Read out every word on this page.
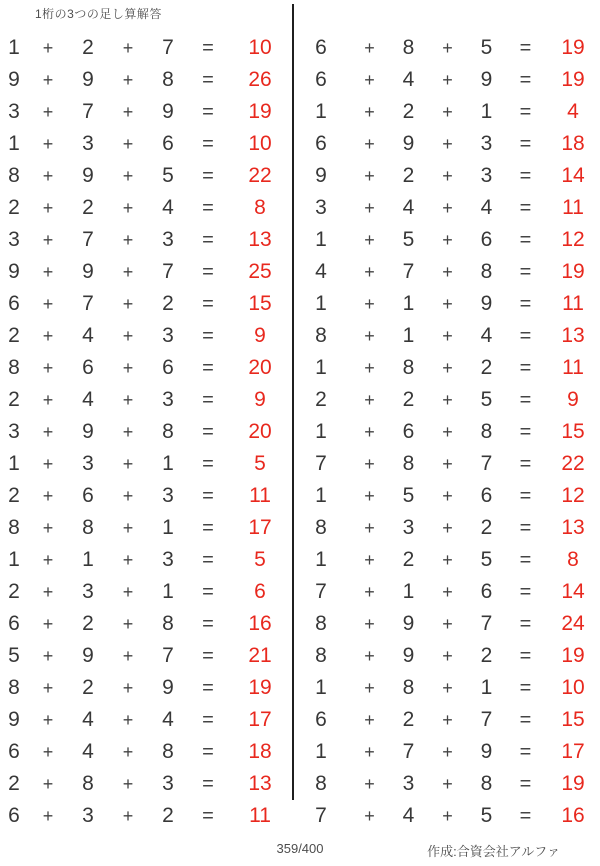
1桁の3つの足し算解答
1	+	2	+	7	=	10
9	+	9	+	8	=	26
3	+	7	+	9	=	19
1	+	3	+	6	=	10
8	+	9	+	5	=	22
2	+	2	+	4	=	8
3	+	7	+	3	=	13
9	+	9	+	7	=	25
6	+	7	+	2	=	15
2	+	4	+	3	=	9
8	+	6	+	6	=	20
2	+	4	+	3	=	9
3	+	9	+	8	=	20
1	+	3	+	1	=	5
2	+	6	+	3	=	11
8	+	8	+	1	=	17
1	+	1	+	3	=	5
2	+	3	+	1	=	6
6	+	2	+	8	=	16
5	+	9	+	7	=	21
8	+	2	+	9	=	19
9	+	4	+	4	=	17
6	+	4	+	8	=	18
2	+	8	+	3	=	13
6	+	3	+	2	=	11
6	+	8	+	5	=	19
6	+	4	+	9	=	19
1	+	2	+	1	=	4
6	+	9	+	3	=	18
9	+	2	+	3	=	14
3	+	4	+	4	=	11
1	+	5	+	6	=	12
4	+	7	+	8	=	19
1	+	1	+	9	=	11
8	+	1	+	4	=	13
1	+	8	+	2	=	11
2	+	2	+	5	=	9
1	+	6	+	8	=	15
7	+	8	+	7	=	22
1	+	5	+	6	=	12
8	+	3	+	2	=	13
1	+	2	+	5	=	8
7	+	1	+	6	=	14
8	+	9	+	7	=	24
8	+	9	+	2	=	19
1	+	8	+	1	=	10
6	+	2	+	7	=	15
1	+	7	+	9	=	17
8	+	3	+	8	=	19
7	+	4	+	5	=	16
359/400	作成:合資会社アルファ
